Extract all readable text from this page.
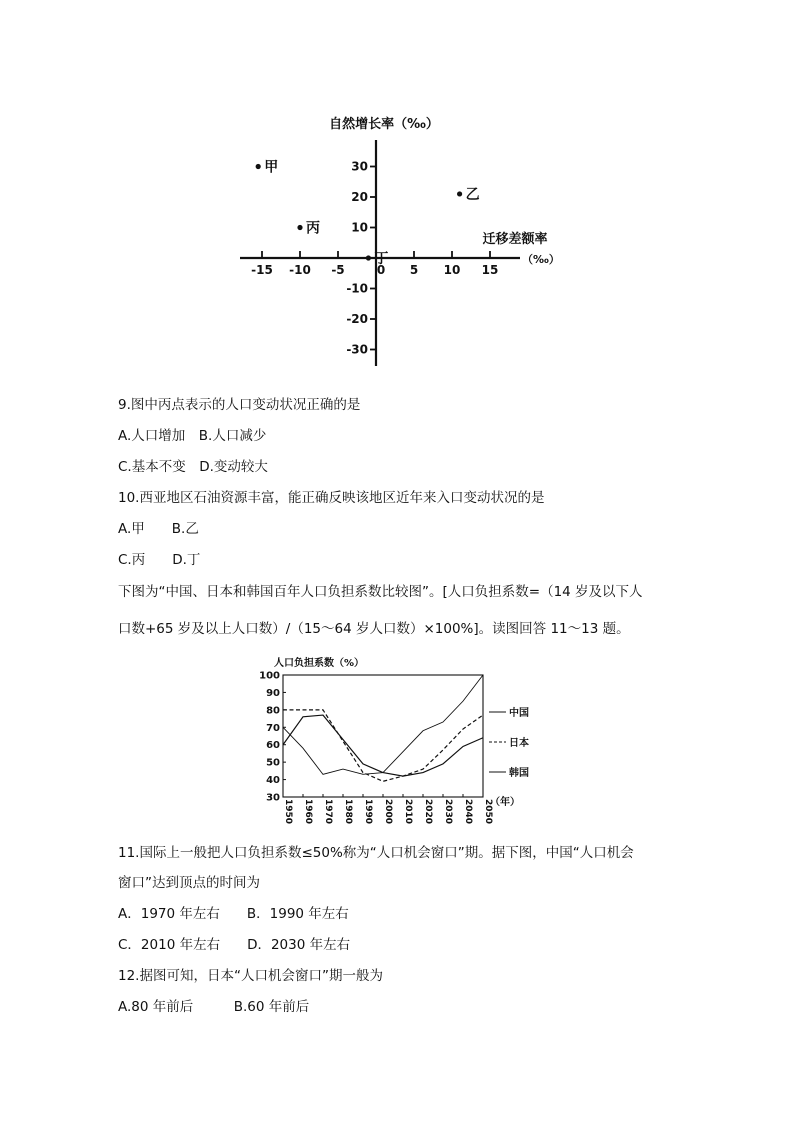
-15 -10 -5	0 5 10 15
30
20
10
-10
-20
-30
自然增长率（‰）
迁移差额率
（‰）
甲
乙
丙
丁
9.图中丙点表示的人口变动状况正确的是
A.人口增加　B.人口减少
C.基本不变　D.变动较大
10.西亚地区石油资源丰富，能正确反映该地区近年来入口变动状况的是
A.甲　　B.乙
C.丙　　D.丁
下图为“中国、日本和韩国百年人口负担系数比较图”。[人口负担系数=（14 岁及以下人
口数+65 岁及以上人口数）/（15～64 岁人口数）×100%]。读图回答 11～13 题。
人口负担系数（%）
30
40
50
60
70
80
90
100
1950 1960 1970 1980 1990 2000 2010 2020 2030 2040 2050
（年）
中国
日本
韩国
11.国际上一般把人口负担系数≤50%称为“人口机会窗口”期。据下图，中国“人口机会
窗口”达到顶点的时间为
A．1970 年左右　　B．1990 年左右
C．2010 年左右　　D．2030 年左右
12.据图可知，日本“人口机会窗口”期一般为
A.80 年前后　　　B.60 年前后
